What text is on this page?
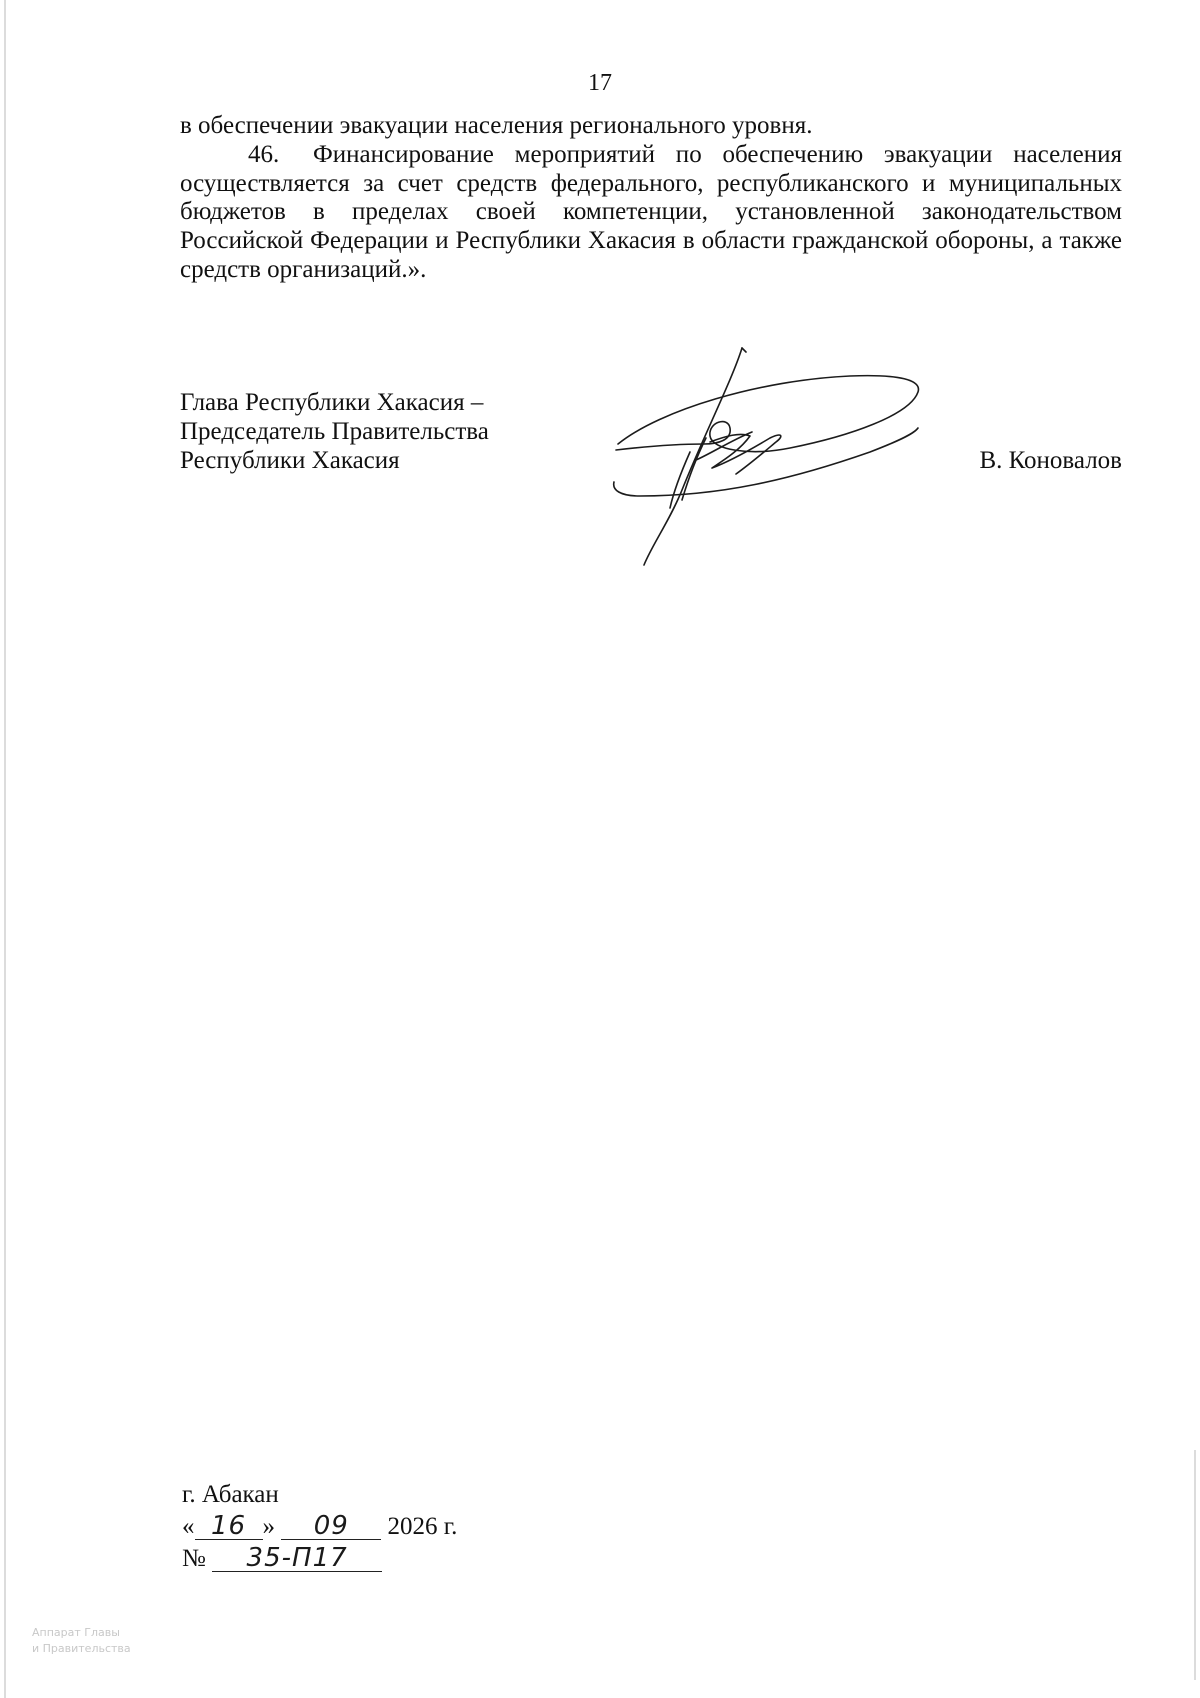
17

в обеспечении эвакуации населения регионального уровня.

46. Финансирование мероприятий по обеспечению эвакуации населения осуществляется за счет средств федерального, республиканского и муниципальных бюджетов в пределах своей компетенции, установленной законодательством Российской Федерации и Республики Хакасия в области гражданской обороны, а также средств организаций.».

Глава Республики Хакасия –
Председатель Правительства
Республики Хакасия	В. Коновалов
г. Абакан
« 16 » 09 2026 г.
№ 35-П17
Аппарат Главы
и Правительства
